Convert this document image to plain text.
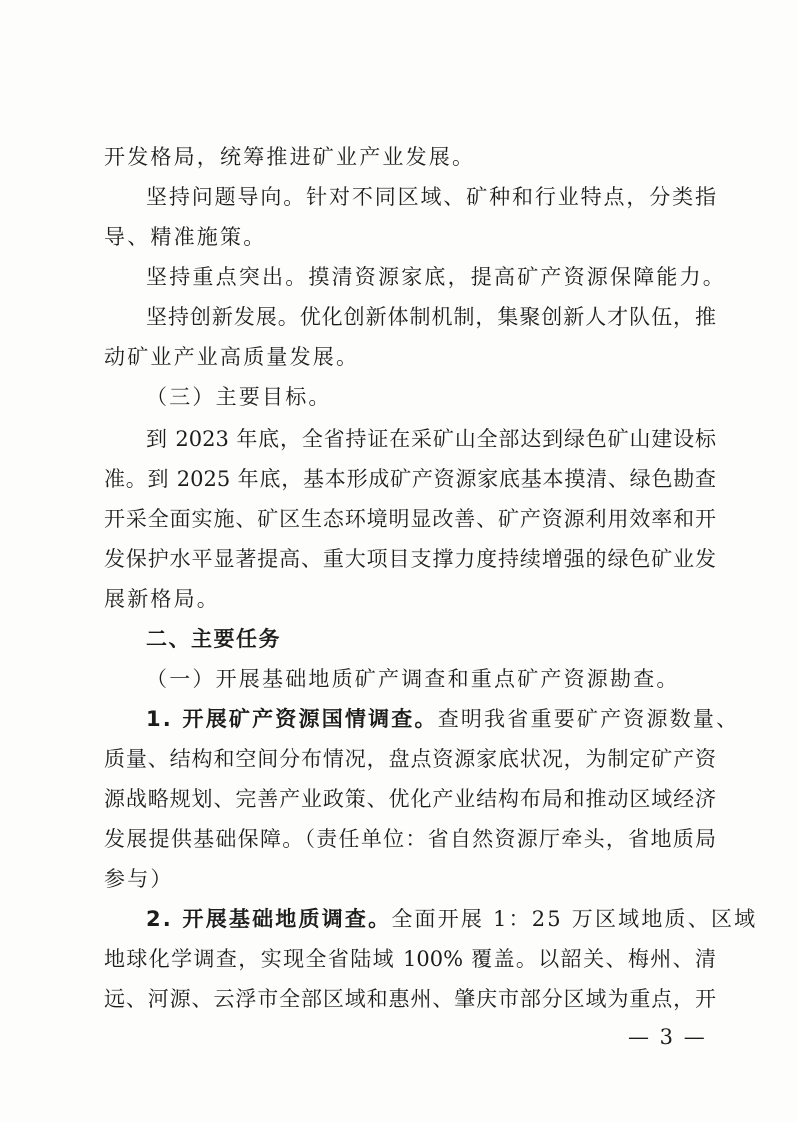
开发格局，统筹推进矿业产业发展。
坚持问题导向。针对不同区域、矿种和行业特点，分类指
导、精准施策。
坚持重点突出。摸清资源家底，提高矿产资源保障能力。
坚持创新发展。优化创新体制机制，集聚创新人才队伍，推
动矿业产业高质量发展。
（三）主要目标。
到 2023 年底，全省持证在采矿山全部达到绿色矿山建设标
准。到 2025 年底，基本形成矿产资源家底基本摸清、绿色勘查
开采全面实施、矿区生态环境明显改善、矿产资源利用效率和开
发保护水平显著提高、重大项目支撑力度持续增强的绿色矿业发
展新格局。
二、主要任务
（一）开展基础地质矿产调查和重点矿产资源勘查。
1. 开展矿产资源国情调查。查明我省重要矿产资源数量、
质量、结构和空间分布情况，盘点资源家底状况，为制定矿产资
源战略规划、完善产业政策、优化产业结构布局和推动区域经济
发展提供基础保障。（责任单位：省自然资源厅牵头，省地质局
参与）
2. 开展基础地质调查。全面开展 1：25 万区域地质、区域
地球化学调查，实现全省陆域 100% 覆盖。以韶关、梅州、清
远、河源、云浮市全部区域和惠州、肇庆市部分区域为重点，开
— 3 —
